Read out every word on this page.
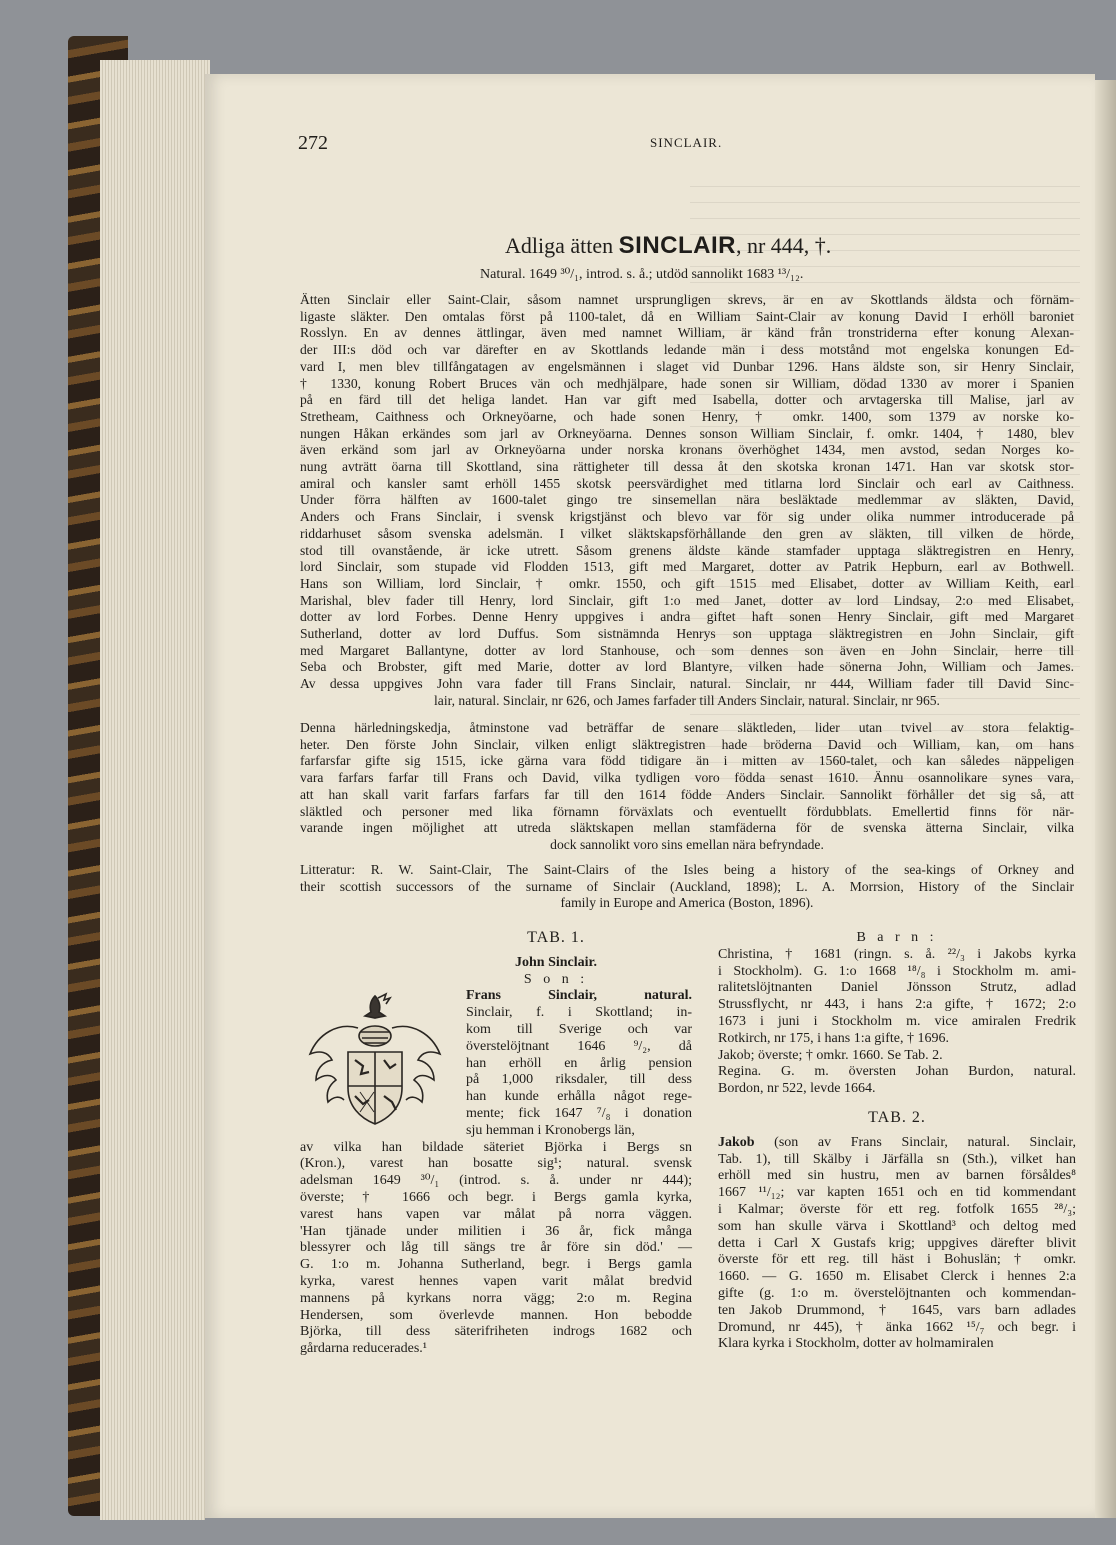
272	SINCLAIR.
Adliga ätten SINCLAIR, nr 444, †.
Natural. 1649 ³⁰/₁, introd. s. å.; utdöd sannolikt 1683 ¹³/₁₂.
Ätten Sinclair eller Saint-Clair, såsom namnet ursprungligen skrevs, är en av Skottlands äldsta och förnäm-
ligaste släkter. Den omtalas först på 1100-talet, då en William Saint-Clair av konung David I erhöll baroniet
Rosslyn. En av dennes ättlingar, även med namnet William, är känd från tronstriderna efter konung Alexan-
der III:s död och var därefter en av Skottlands ledande män i dess motstånd mot engelska konungen Ed-
vard I, men blev tillfångatagen av engelsmännen i slaget vid Dunbar 1296. Hans äldste son, sir Henry Sinclair,
† 1330, konung Robert Bruces vän och medhjälpare, hade sonen sir William, dödad 1330 av morer i Spanien
på en färd till det heliga landet. Han var gift med Isabella, dotter och arvtagerska till Malise, jarl av
Stretheam, Caithness och Orkneyöarne, och hade sonen Henry, † omkr. 1400, som 1379 av norske ko-
nungen Håkan erkändes som jarl av Orkneyöarna. Dennes sonson William Sinclair, f. omkr. 1404, † 1480, blev
även erkänd som jarl av Orkneyöarna under norska kronans överhöghet 1434, men avstod, sedan Norges ko-
nung avträtt öarna till Skottland, sina rättigheter till dessa åt den skotska kronan 1471. Han var skotsk stor-
amiral och kansler samt erhöll 1455 skotsk peersvärdighet med titlarna lord Sinclair och earl av Caithness.
Under förra hälften av 1600-talet gingo tre sinsemellan nära besläktade medlemmar av släkten, David,
Anders och Frans Sinclair, i svensk krigstjänst och blevo var för sig under olika nummer introducerade på
riddarhuset såsom svenska adelsmän. I vilket släktskapsförhållande den gren av släkten, till vilken de hörde,
stod till ovanstående, är icke utrett. Såsom grenens äldste kände stamfader upptaga släktregistren en Henry,
lord Sinclair, som stupade vid Flodden 1513, gift med Margaret, dotter av Patrik Hepburn, earl av Bothwell.
Hans son William, lord Sinclair, † omkr. 1550, och gift 1515 med Elisabet, dotter av William Keith, earl
Marishal, blev fader till Henry, lord Sinclair, gift 1:o med Janet, dotter av lord Lindsay, 2:o med Elisabet,
dotter av lord Forbes. Denne Henry uppgives i andra giftet haft sonen Henry Sinclair, gift med Margaret
Sutherland, dotter av lord Duffus. Som sistnämnda Henrys son upptaga släktregistren en John Sinclair, gift
med Margaret Ballantyne, dotter av lord Stanhouse, och som dennes son även en John Sinclair, herre till
Seba och Brobster, gift med Marie, dotter av lord Blantyre, vilken hade sönerna John, William och James.
Av dessa uppgives John vara fader till Frans Sinclair, natural. Sinclair, nr 444, William fader till David Sinc-
lair, natural. Sinclair, nr 626, och James farfader till Anders Sinclair, natural. Sinclair, nr 965.
Denna härledningskedja, åtminstone vad beträffar de senare släktleden, lider utan tvivel av stora felaktig-
heter. Den förste John Sinclair, vilken enligt släktregistren hade bröderna David och William, kan, om hans
farfarsfar gifte sig 1515, icke gärna vara född tidigare än i mitten av 1560-talet, och kan således näppeligen
vara farfars farfar till Frans och David, vilka tydligen voro födda senast 1610. Ännu osannolikare synes vara,
att han skall varit farfars farfars far till den 1614 födde Anders Sinclair. Sannolikt förhåller det sig så, att
släktled och personer med lika förnamn förväxlats och eventuellt fördubblats. Emellertid finns för när-
varande ingen möjlighet att utreda släktskapen mellan stamfäderna för de svenska ätterna Sinclair, vilka
dock sannolikt voro sins emellan nära befryndade.
Litteratur: R. W. Saint-Clair, The Saint-Clairs of the Isles being a history of the sea-kings of Orkney and
their scottish successors of the surname of Sinclair (Auckland, 1898); L. A. Morrsion, History of the Sinclair
family in Europe and America (Boston, 1896).
TAB. 1.
John Sinclair.
S o n :
Frans Sinclair, natural.
Sinclair, f. i Skottland; in-
kom till Sverige och var
överstelöjtnant 1646 ⁹/₂, då
han erhöll en årlig pension
på 1,000 riksdaler, till dess
han kunde erhålla något rege-
mente; fick 1647 ⁷/₈ i donation
sju hemman i Kronobergs län,
av vilka han bildade säteriet Björka i Bergs sn
(Kron.), varest han bosatte sig¹; natural. svensk
adelsman 1649 ³⁰/₁ (introd. s. å. under nr 444);
överste; † 1666 och begr. i Bergs gamla kyrka,
varest hans vapen var målat på norra väggen.
'Han tjänade under militien i 36 år, fick många
blessyrer och låg till sängs tre år före sin död.' —
G. 1:o m. Johanna Sutherland, begr. i Bergs gamla
kyrka, varest hennes vapen varit målat bredvid
mannens på kyrkans norra vägg; 2:o m. Regina
Hendersen, som överlevde mannen. Hon bebodde
Björka, till dess säterifriheten indrogs 1682 och
gårdarna reducerades.¹
B a r n :
Christina, † 1681 (ringn. s. å. ²²/₃ i Jakobs kyrka
i Stockholm). G. 1:o 1668 ¹⁸/₈ i Stockholm m. ami-
ralitetslöjtnanten Daniel Jönsson Strutz, adlad
Strussflycht, nr 443, i hans 2:a gifte, † 1672; 2:o
1673 i juni i Stockholm m. vice amiralen Fredrik
Rotkirch, nr 175, i hans 1:a gifte, † 1696.
Jakob; överste; † omkr. 1660. Se Tab. 2.
Regina. G. m. översten Johan Burdon, natural.
Bordon, nr 522, levde 1664.
TAB. 2.
Jakob (son av Frans Sinclair, natural. Sinclair,
Tab. 1), till Skälby i Järfälla sn (Sth.), vilket han
erhöll med sin hustru, men av barnen försåldes⁸
1667 ¹¹/₁₂; var kapten 1651 och en tid kommendant
i Kalmar; överste för ett reg. fotfolk 1655 ²⁸/₃;
som han skulle värva i Skottland³ och deltog med
detta i Carl X Gustafs krig; uppgives därefter blivit
överste för ett reg. till häst i Bohuslän; † omkr.
1660. — G. 1650 m. Elisabet Clerck i hennes 2:a
gifte (g. 1:o m. överstelöjtnanten och kommendan-
ten Jakob Drummond, † 1645, vars barn adlades
Dromund, nr 445), † änka 1662 ¹⁵/₇ och begr. i
Klara kyrka i Stockholm, dotter av holmamiralen
